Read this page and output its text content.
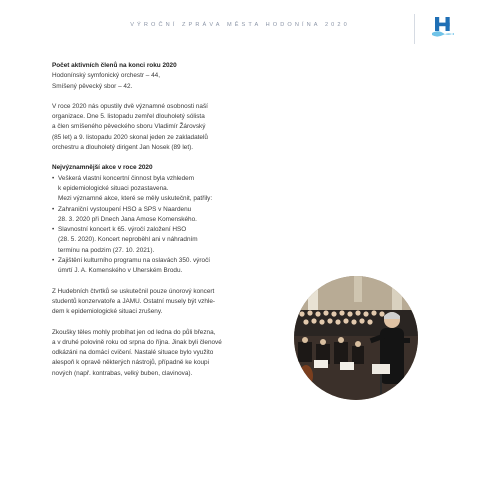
VÝROČNÍ ZPRÁVA MĚSTA HODONÍNA 2020

Počet aktivních členů na konci roku 2020

Hodonínský symfonický orchestr – 44,

Smíšený pěvecký sbor – 42.

V roce 2020 nás opustily dvě významné osobnosti naší

organizace. Dne 5. listopadu zemřel dlouholetý sólista

a člen smíšeného pěveckého sboru Vladimír Žárovský

(85 let) a 9. listopadu 2020 skonal jeden ze zakladatelů

orchestru a dlouholetý dirigent Jan Nosek (89 let).

Nejvýznamnější akce v roce 2020

• Veškerá vlastní koncertní činnost byla vzhledem

k epidemiologické situaci pozastavena.

Mezi významné akce, které se měly uskutečnit, patřily:

• Zahraniční vystoupení HSO a SPS v Naardenu

28. 3. 2020 při Dnech Jana Amose Komenského.

• Slavnostní koncert k 65. výročí založení HSO

(28. 5. 2020). Koncert neproběhl ani v náhradním

termínu na podzim (27. 10. 2021).

• Zajištění kulturního programu na oslavách 350. výročí

úmrtí J. A. Komenského v Uherském Brodu.

Z Hudebních čtvrtků se uskutečnil pouze únorový koncert

studentů konzervatoře a JAMU. Ostatní musely být vzhle-

dem k epidemiologické situaci zrušeny.

Zkoušky těles mohly probíhat jen od ledna do půli března,

a v druhé polovině roku od srpna do října. Jinak byli členové

odkázáni na domácí cvičení. Nastalé situace bylo využito

alespoň k opravě některých nástrojů, případně ke koupi

nových (např. kontrabas, velký buben, clavinova).
